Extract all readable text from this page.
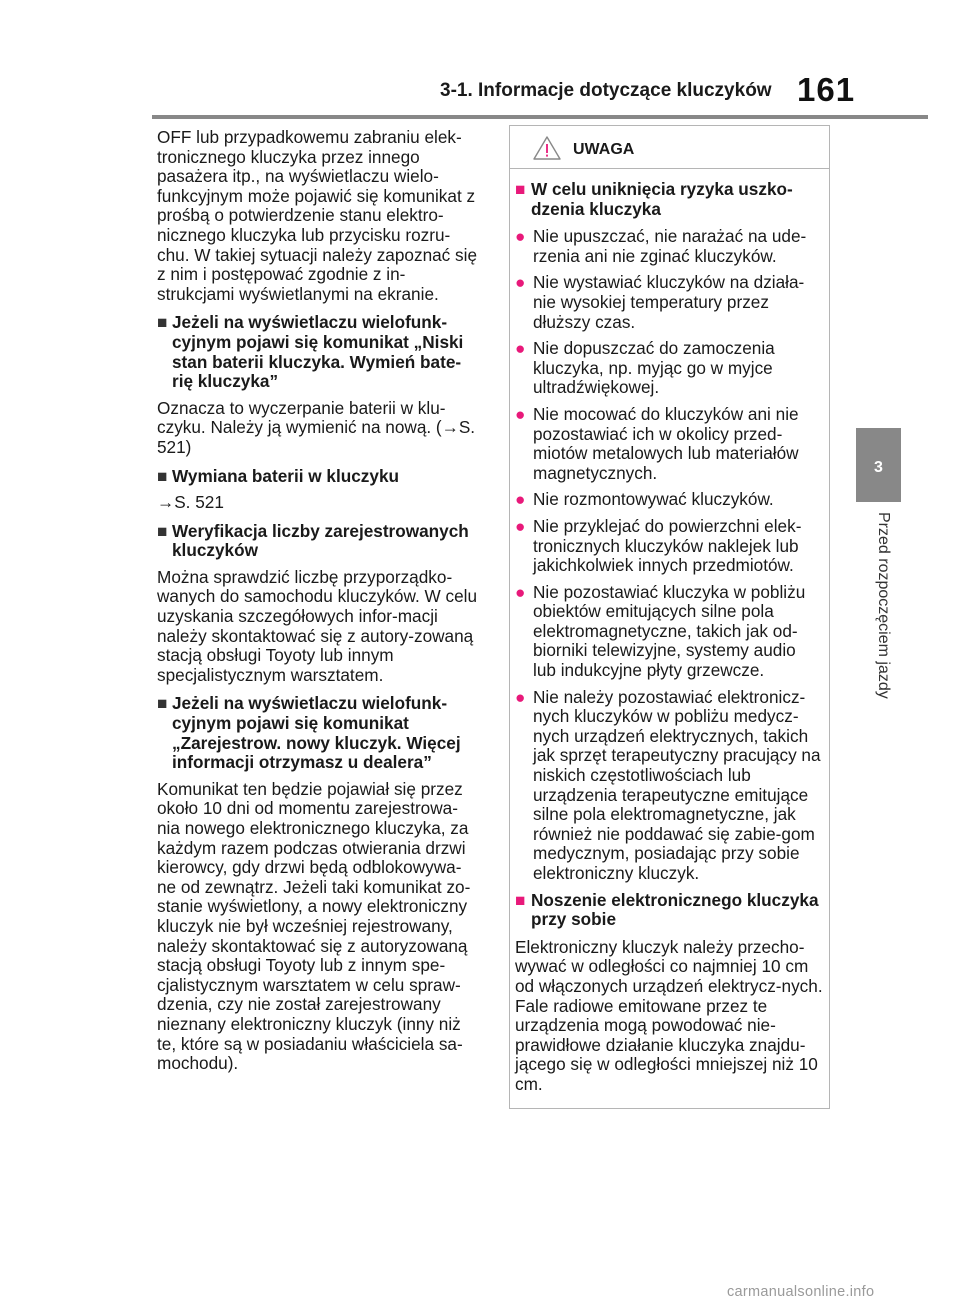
3-1. Informacje dotyczące kluczyków 161
3
Przed rozpoczęciem jazdy

OFF lub przypadkowemu zabraniu elek-tronicznego kluczyka przez innego pasażera itp., na wyświetlaczu wielo-funkcyjnym może pojawić się komunikat z prośbą o potwierdzenie stanu elektro-nicznego kluczyka lub przycisku rozru-chu. W takiej sytuacji należy zapoznać się z nim i postępować zgodnie z in-strukcjami wyświetlanymi na ekranie.

■ Jeżeli na wyświetlaczu wielofunk-cyjnym pojawi się komunikat „Niski stan baterii kluczyka. Wymień bate-rię kluczyka”

Oznacza to wyczerpanie baterii w klu-czyku. Należy ją wymienić na nową. (→S. 521)

■ Wymiana baterii w kluczyku

→S. 521

■ Weryfikacja liczby zarejestrowanych kluczyków

Można sprawdzić liczbę przyporządko-wanych do samochodu kluczyków. W celu uzyskania szczegółowych infor-macji należy skontaktować się z autory-zowaną stacją obsługi Toyoty lub innym specjalistycznym warsztatem.

■ Jeżeli na wyświetlaczu wielofunk-cyjnym pojawi się komunikat „Zarejestrow. nowy kluczyk. Więcej informacji otrzymasz u dealera”

Komunikat ten będzie pojawiał się przez około 10 dni od momentu zarejestrowa-nia nowego elektronicznego kluczyka, za każdym razem podczas otwierania drzwi kierowcy, gdy drzwi będą odblokowywa-ne od zewnątrz. Jeżeli taki komunikat zo-stanie wyświetlony, a nowy elektroniczny kluczyk nie był wcześniej rejestrowany, należy skontaktować się z autoryzowaną stacją obsługi Toyoty lub z innym spe-cjalistycznym warsztatem w celu spraw-dzenia, czy nie został zarejestrowany nieznany elektroniczny kluczyk (inny niż te, które są w posiadaniu właściciela sa-mochodu).

UWAGA
■ W celu uniknięcia ryzyka uszko-dzenia kluczyka
● Nie upuszczać, nie narażać na ude-rzenia ani nie zginać kluczyków.
● Nie wystawiać kluczyków na działa-nie wysokiej temperatury przez dłuższy czas.
● Nie dopuszczać do zamoczenia kluczyka, np. myjąc go w myjce ultradźwiękowej.
● Nie mocować do kluczyków ani nie pozostawiać ich w okolicy przed-miotów metalowych lub materiałów magnetycznych.
● Nie rozmontowywać kluczyków.
● Nie przyklejać do powierzchni elek-tronicznych kluczyków naklejek lub jakichkolwiek innych przedmiotów.
● Nie pozostawiać kluczyka w pobliżu obiektów emitujących silne pola elektromagnetyczne, takich jak od-biorniki telewizyjne, systemy audio lub indukcyjne płyty grzewcze.
● Nie należy pozostawiać elektronicz-nych kluczyków w pobliżu medycz-nych urządzeń elektrycznych, takich jak sprzęt terapeutyczny pracujący na niskich częstotliwościach lub urządzenia terapeutyczne emitujące silne pola elektromagnetyczne, jak również nie poddawać się zabie-gom medycznym, posiadając przy sobie elektroniczny kluczyk.
■ Noszenie elektronicznego kluczyka przy sobie

Elektroniczny kluczyk należy przecho-wywać w odległości co najmniej 10 cm od włączonych urządzeń elektrycz-nych. Fale radiowe emitowane przez te urządzenia mogą powodować nie-prawidłowe działanie kluczyka znajdu-jącego się w odległości mniejszej niż 10 cm.

carmanualsonline.info
